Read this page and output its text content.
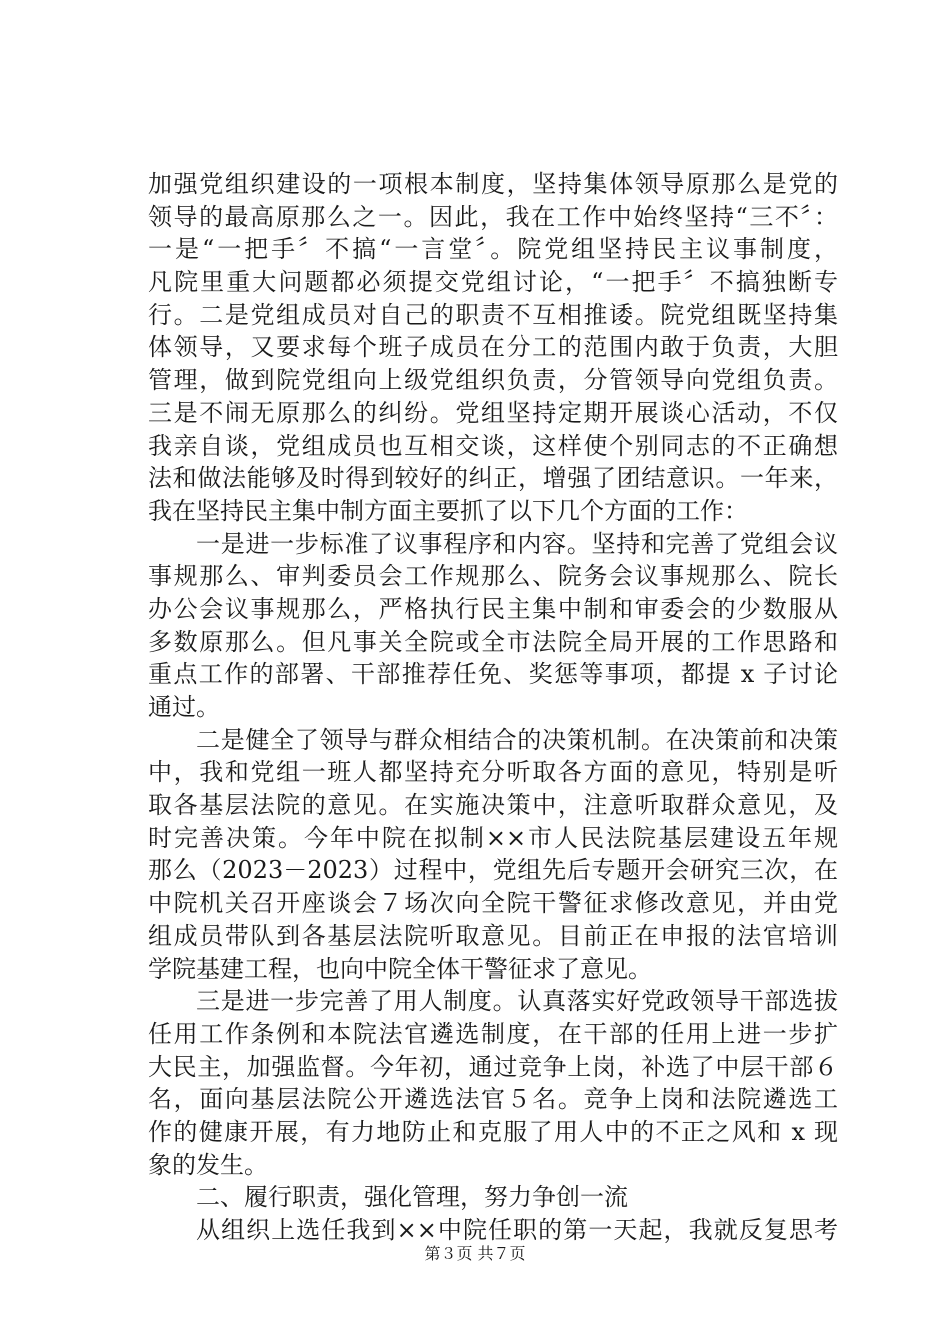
加强党组织建设的一项根本制度，坚持集体领导原那么是党的
领导的最高原那么之一。因此，我在工作中始终坚持“三不〞：
一是“一把手〞不搞“一言堂〞。院党组坚持民主议事制度，
凡院里重大问题都必须提交党组讨论，“一把手〞不搞独断专
行。二是党组成员对自己的职责不互相推诿。院党组既坚持集
体领导，又要求每个班子成员在分工的范围内敢于负责，大胆
管理，做到院党组向上级党组织负责，分管领导向党组负责。
三是不闹无原那么的纠纷。党组坚持定期开展谈心活动，不仅
我亲自谈，党组成员也互相交谈，这样使个别同志的不正确想
法和做法能够及时得到较好的纠正，增强了团结意识。一年来，
我在坚持民主集中制方面主要抓了以下几个方面的工作：
一是进一步标准了议事程序和内容。坚持和完善了党组会议
事规那么、审判委员会工作规那么、院务会议事规那么、院长
办公会议事规那么，严格执行民主集中制和审委会的少数服从
多数原那么。但凡事关全院或全市法院全局开展的工作思路和
重点工作的部署、干部推荐任免、奖惩等事项，都提 x 子讨论
通过。
二是健全了领导与群众相结合的决策机制。在决策前和决策
中，我和党组一班人都坚持充分听取各方面的意见，特别是听
取各基层法院的意见。在实施决策中，注意听取群众意见，及
时完善决策。今年中院在拟制××市人民法院基层建设五年规
那么（2023－2023）过程中，党组先后专题开会研究三次，在
中院机关召开座谈会７场次向全院干警征求修改意见，并由党
组成员带队到各基层法院听取意见。目前正在申报的法官培训
学院基建工程，也向中院全体干警征求了意见。
三是进一步完善了用人制度。认真落实好党政领导干部选拔
任用工作条例和本院法官遴选制度，在干部的任用上进一步扩
大民主，加强监督。今年初，通过竞争上岗，补选了中层干部６
名，面向基层法院公开遴选法官５名。竞争上岗和法院遴选工
作的健康开展，有力地防止和克服了用人中的不正之风和 x 现
象的发生。
二、履行职责，强化管理，努力争创一流
从组织上选任我到××中院任职的第一天起，我就反复思考
第３页 共７页
